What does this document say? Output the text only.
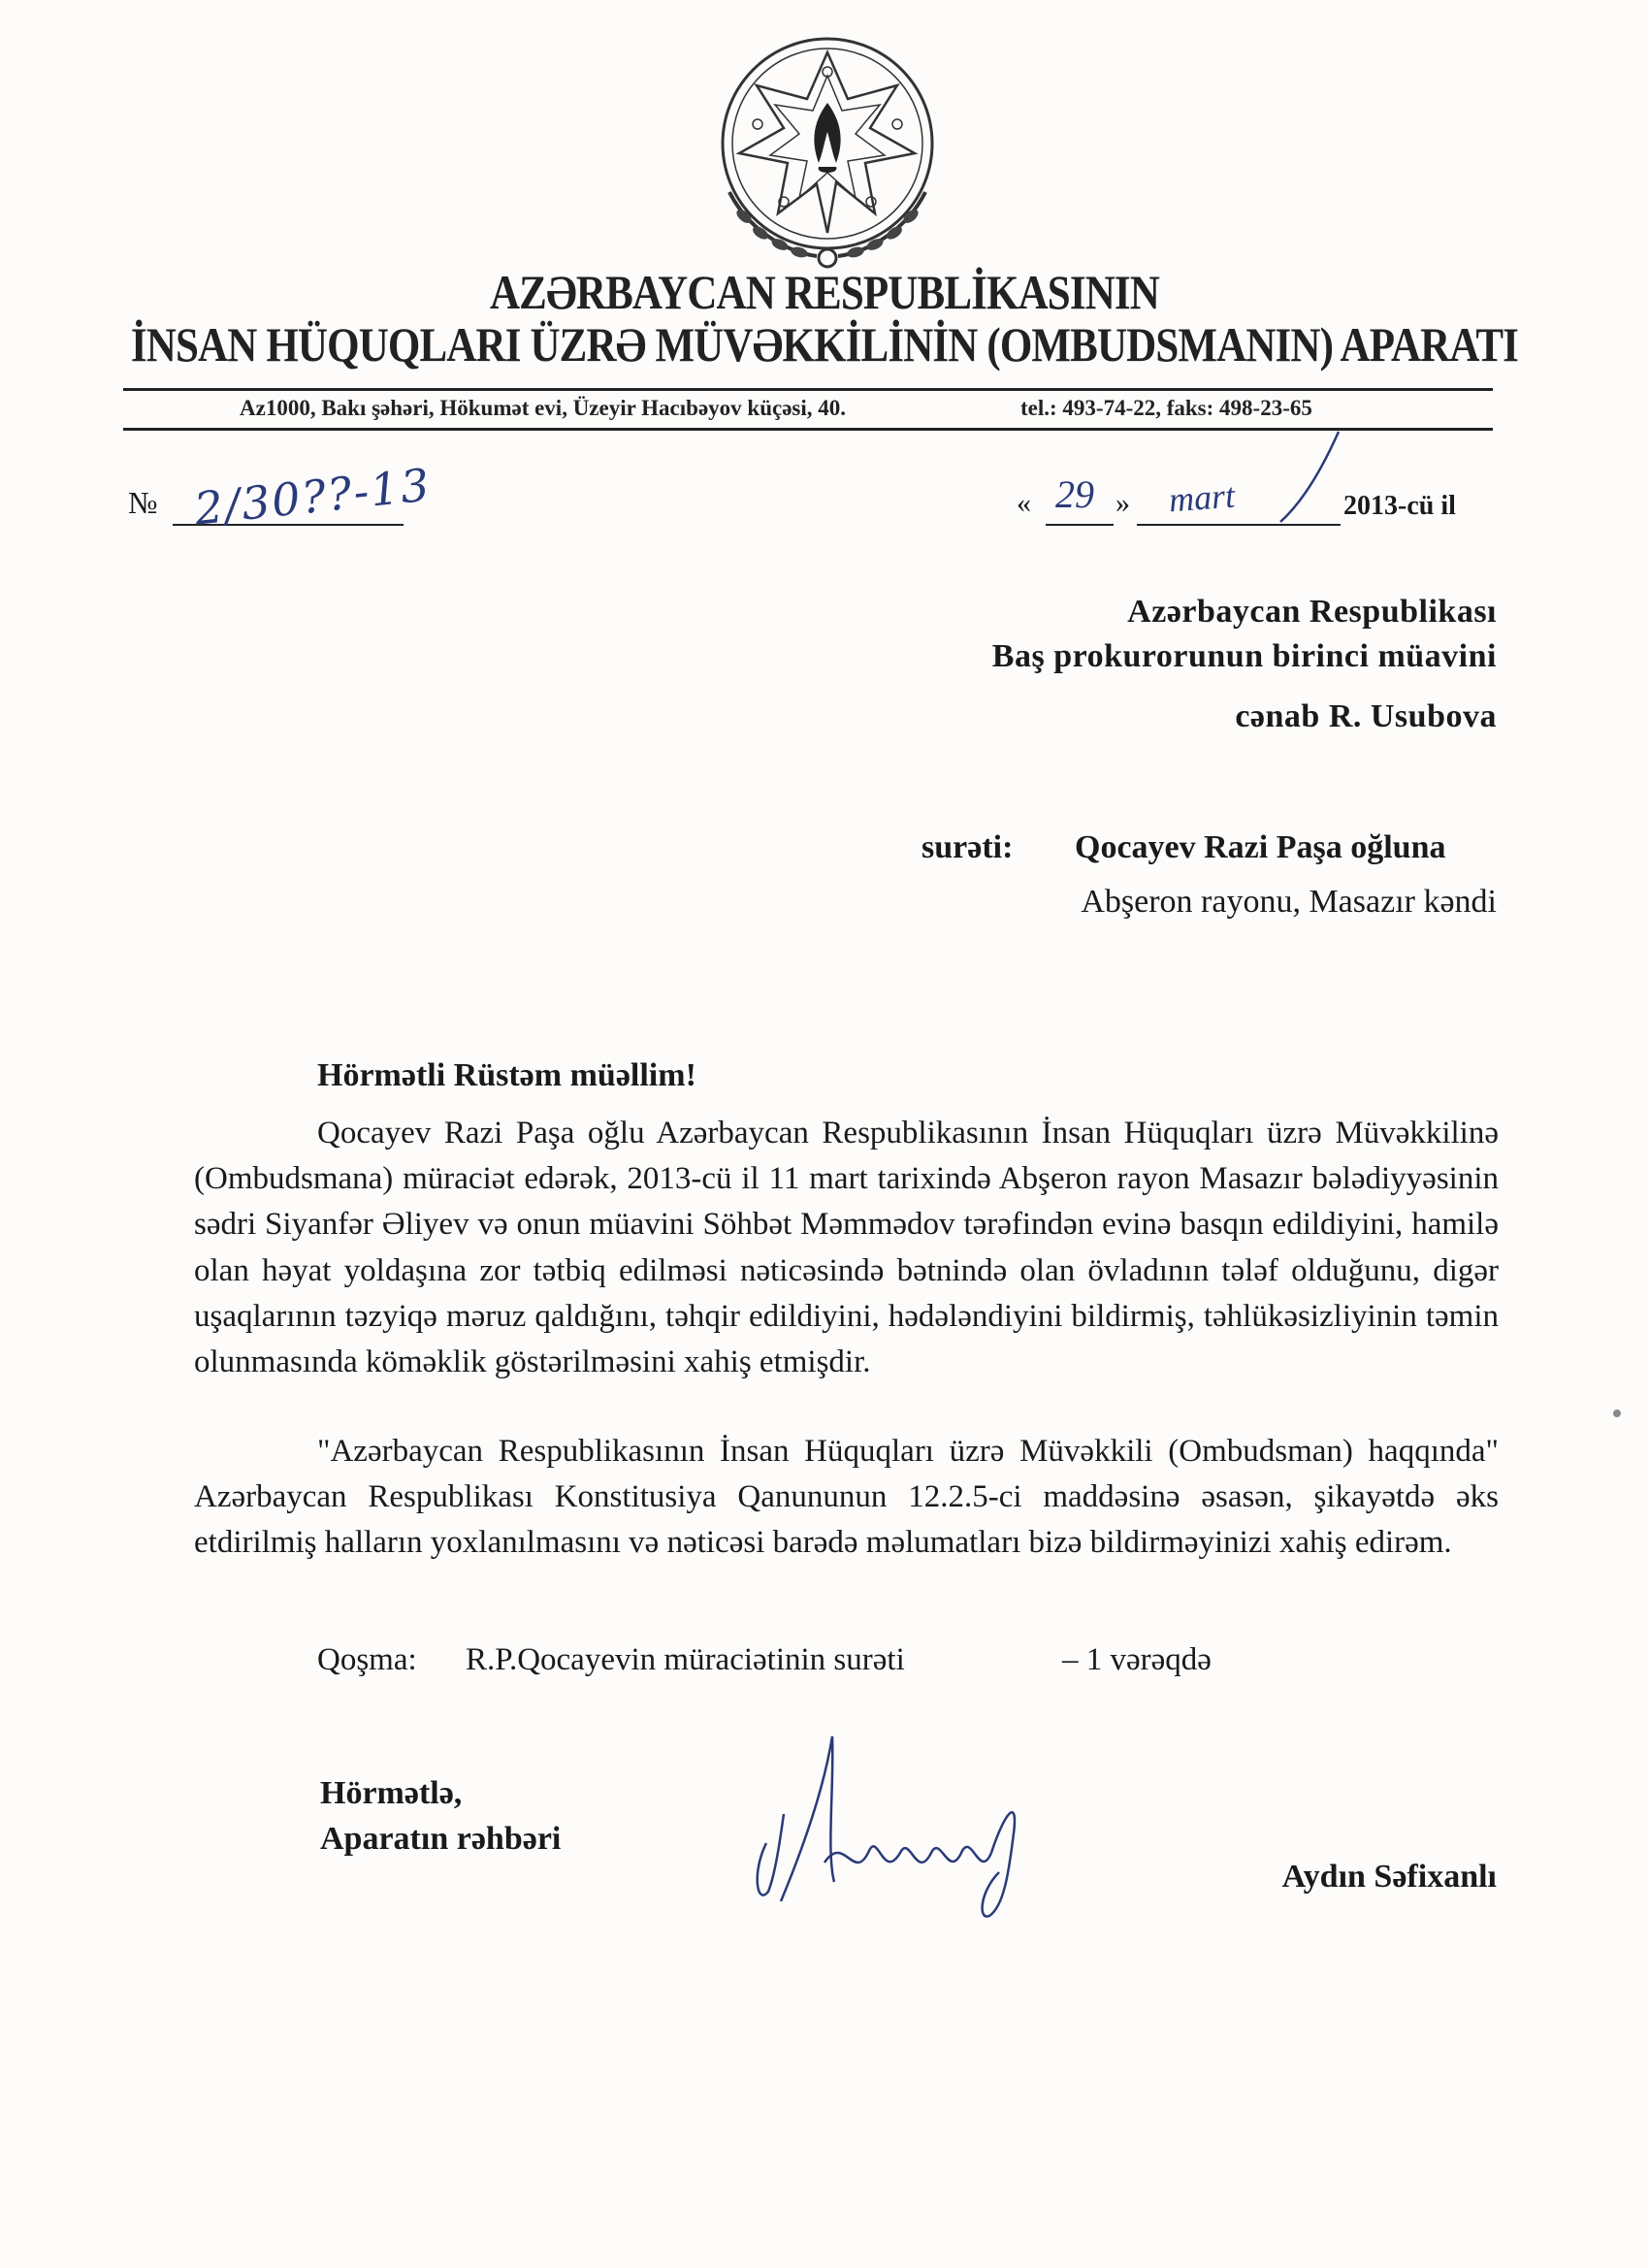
AZƏRBAYCAN RESPUBLİKASININ
İNSAN HÜQUQLARI ÜZRƏ MÜVƏKKİLİNİN (OMBUDSMANIN) APARATI
Az1000, Bakı şəhəri, Hökumət evi, Üzeyir Hacıbəyov küçəsi, 40.	tel.: 493-74-22, faks: 498-23-65
№ 2/30??-13	« 29 » mart	2013-cü il
Azərbaycan Respublikası
Baş prokurorunun birinci müavini
cənab R. Usubova
surəti: Qocayev Razi Paşa oğluna
Abşeron rayonu, Masazır kəndi
Hörmətli Rüstəm müəllim!

Qocayev Razi Paşa oğlu Azərbaycan Respublikasının İnsan Hüquqları üzrə Müvəkkilinə (Ombudsmana) müraciət edərək, 2013-cü il 11 mart tarixində Abşeron rayon Masazır bələdiyyəsinin sədri Siyanfər Əliyev və onun müavini Söhbət Məmmədov tərəfindən evinə basqın edildiyini, hamilə olan həyat yoldaşına zor tətbiq edilməsi nəticəsində bətnində olan övladının tələf olduğunu, digər uşaqlarının təzyiqə məruz qaldığını, təhqir edildiyini, hədələndiyini bildirmiş, təhlükəsizliyinin təmin olunmasında köməklik göstərilməsini xahiş etmişdir.

"Azərbaycan Respublikasının İnsan Hüquqları üzrə Müvəkkili (Ombudsman) haqqında" Azərbaycan Respublikası Konstitusiya Qanununun 12.2.5-ci maddəsinə əsasən, şikayətdə əks etdirilmiş halların yoxlanılmasını və nəticəsi barədə məlumatları bizə bildirməyinizi xahiş edirəm.

Qoşma: R.P.Qocayevin müraciətinin surəti	– 1 vərəqdə
Hörmətlə,
Aparatın rəhbəri
Aydın Səfixanlı
